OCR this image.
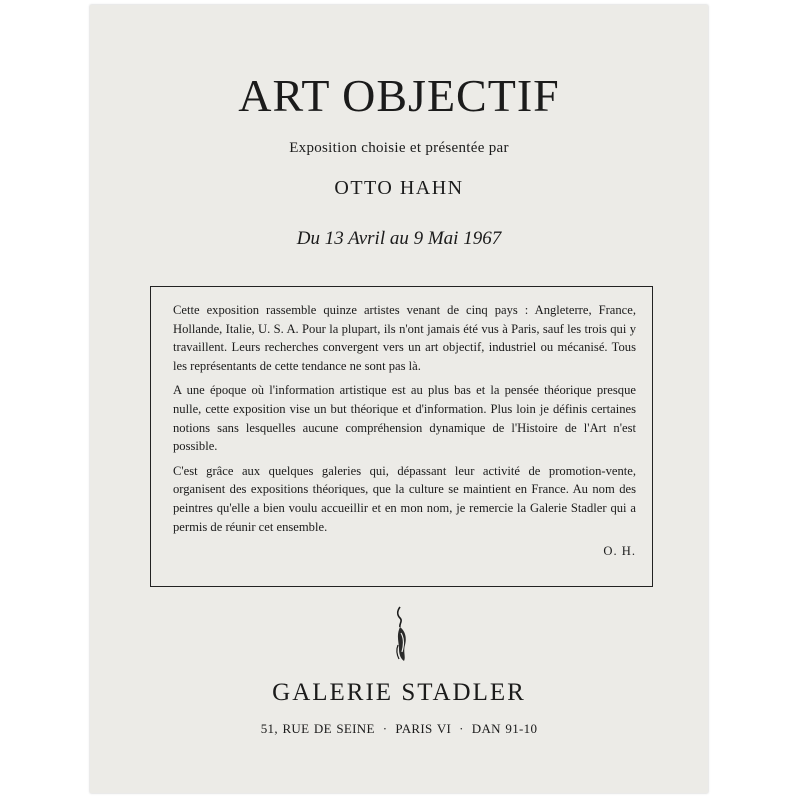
ART OBJECTIF
Exposition choisie et présentée par
OTTO HAHN
Du 13 Avril au 9 Mai 1967

Cette exposition rassemble quinze artistes venant de cinq pays : Angleterre, France, Hollande, Italie, U. S. A. Pour la plupart, ils n'ont jamais été vus à Paris, sauf les trois qui y travaillent. Leurs recherches convergent vers un art objectif, industriel ou mécanisé. Tous les représentants de cette tendance ne sont pas là.

A une époque où l'information artistique est au plus bas et la pensée théorique presque nulle, cette exposition vise un but théorique et d'information. Plus loin je définis certaines notions sans lesquelles aucune compréhension dynamique de l'Histoire de l'Art n'est possible.

C'est grâce aux quelques galeries qui, dépassant leur activité de promotion-vente, organisent des expositions théoriques, que la culture se maintient en France. Au nom des peintres qu'elle a bien voulu accueillir et en mon nom, je remercie la Galerie Stadler qui a permis de réunir cet ensemble.

O. H.
GALERIE STADLER
51, RUE DE SEINE · PARIS VI · DAN 91-10
